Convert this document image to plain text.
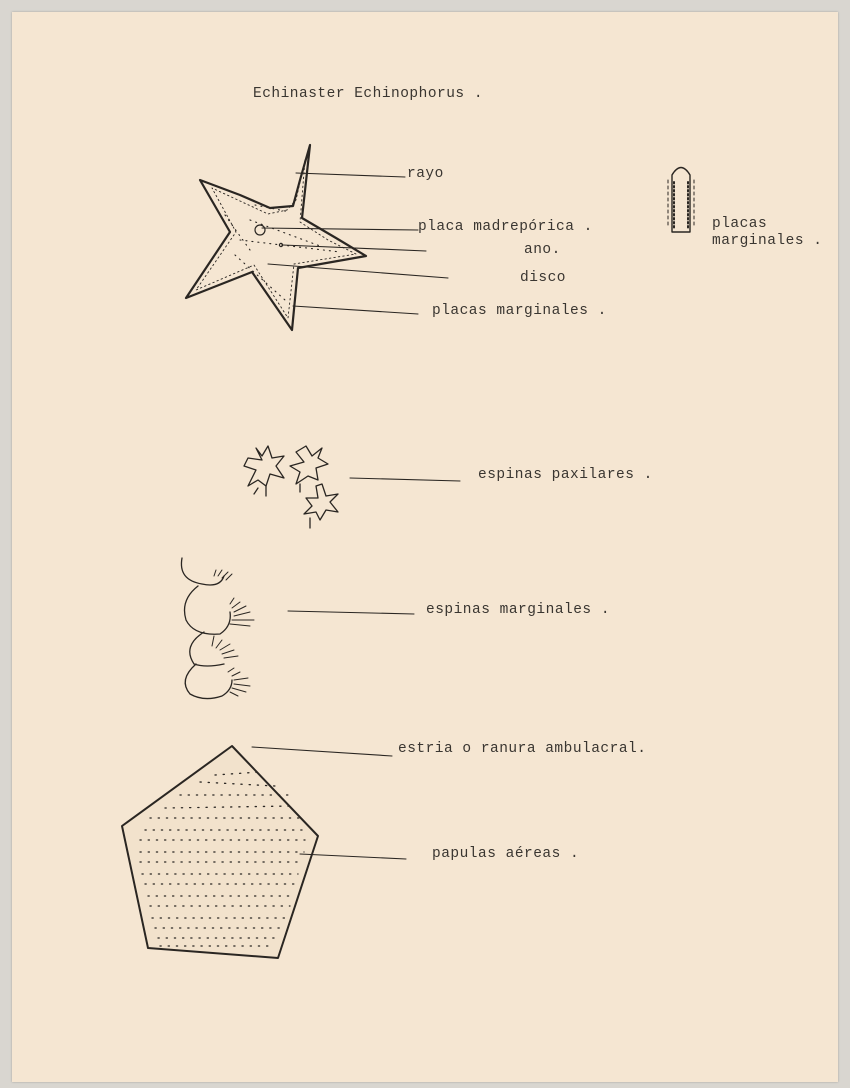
Echinaster Echinophorus .
rayo
placa madrepórica .
ano.
disco
placas marginales .
placas
marginales .
espinas paxilares .
espinas marginales .
estria o ranura ambulacral.
papulas aéreas .
